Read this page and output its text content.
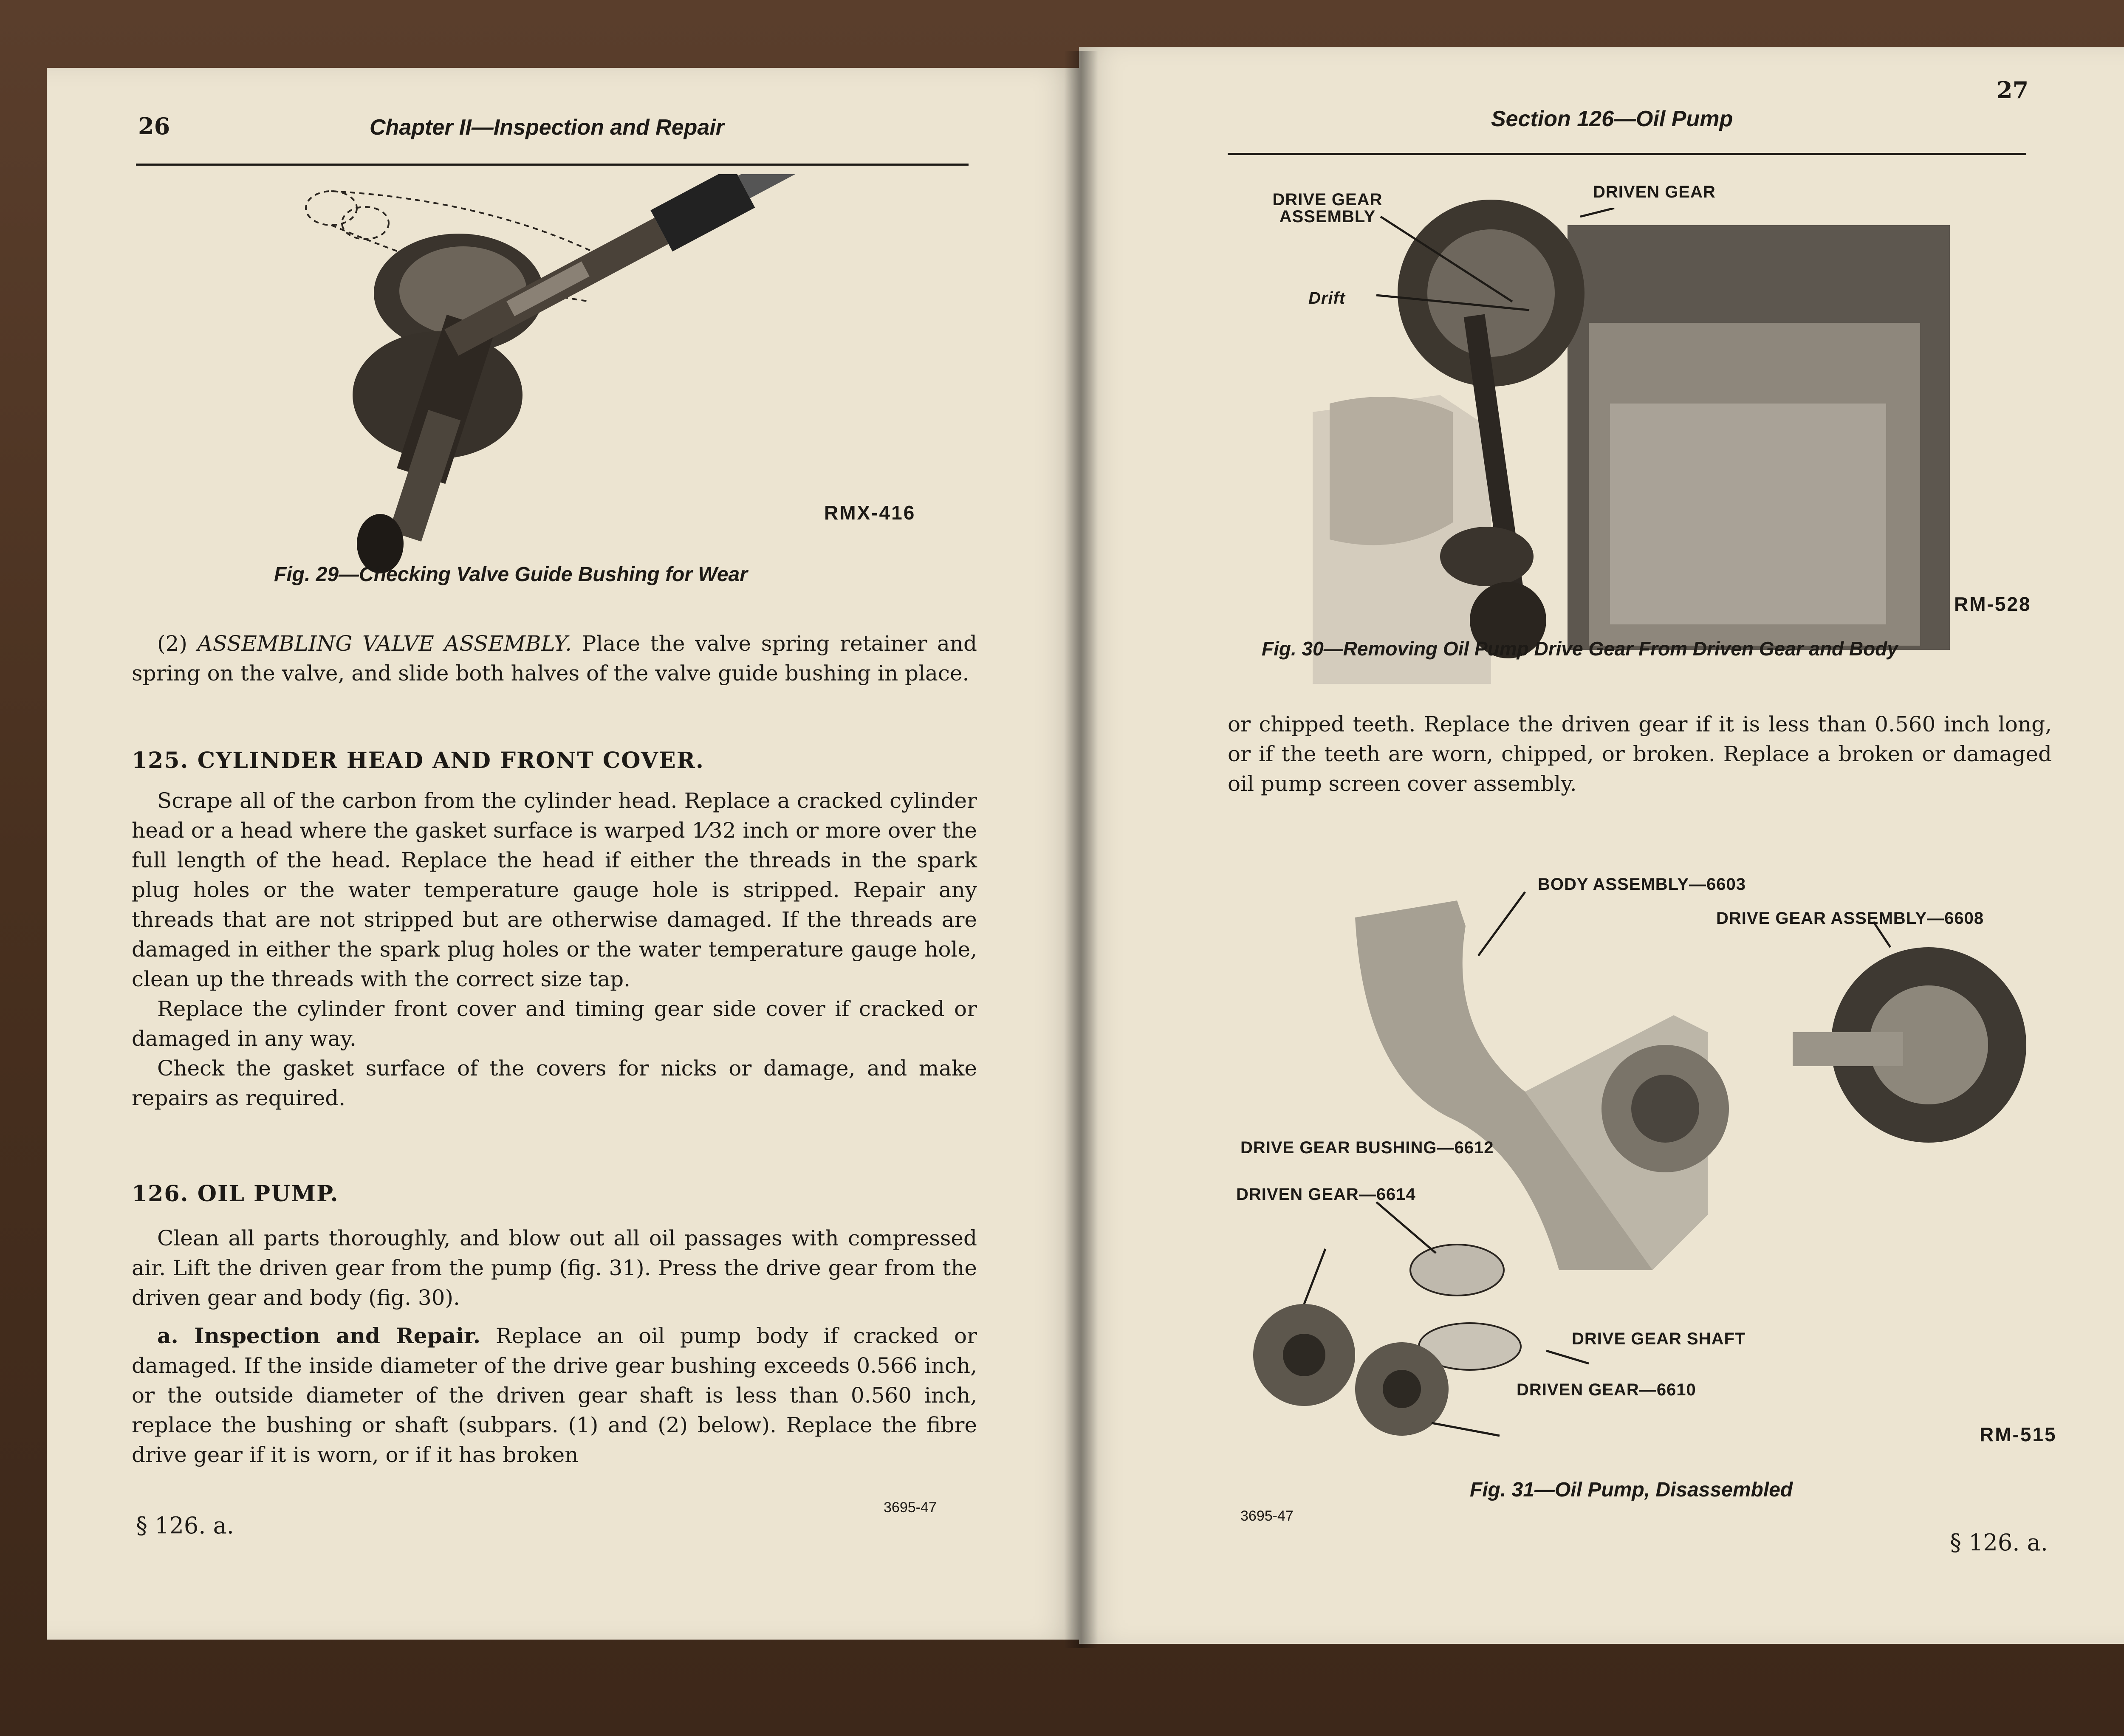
26	Chapter II—Inspection and Repair
RMX-416
Fig. 29—Checking Valve Guide Bushing for Wear

(2) ASSEMBLING VALVE ASSEMBLY. Place the valve spring retainer and spring on the valve, and slide both halves of the valve guide bushing in place.

125. CYLINDER HEAD AND FRONT COVER.

Scrape all of the carbon from the cylinder head. Replace a cracked cylinder head or a head where the gasket surface is warped 1⁄32 inch or more over the full length of the head. Replace the head if either the threads in the spark plug holes or the water temperature gauge hole is stripped. Repair any threads that are not stripped but are otherwise damaged. If the threads are damaged in either the spark plug holes or the water temperature gauge hole, clean up the threads with the correct size tap.

Replace the cylinder front cover and timing gear side cover if cracked or damaged in any way.

Check the gasket surface of the covers for nicks or damage, and make repairs as required.

126. OIL PUMP.

Clean all parts thoroughly, and blow out all oil passages with compressed air. Lift the driven gear from the pump (fig. 31). Press the drive gear from the driven gear and body (fig. 30).

a. Inspection and Repair. Replace an oil pump body if cracked or damaged. If the inside diameter of the drive gear bushing exceeds 0.566 inch, or the outside diameter of the driven gear shaft is less than 0.560 inch, replace the bushing or shaft (subpars. (1) and (2) below). Replace the fibre drive gear if it is worn, or if it has broken

3695-47
§ 126. a.
Section 126—Oil Pump
27
DRIVE GEAR ASSEMBLY
DRIVEN GEAR
Drift
RM-528
Fig. 30—Removing Oil Pump Drive Gear From Driven Gear and Body
or chipped teeth. Replace the driven gear if it is less than 0.560 inch long, or if the teeth are worn, chipped, or broken. Replace a broken or damaged oil pump screen cover assembly.
BODY ASSEMBLY—6603
DRIVE GEAR ASSEMBLY—6608
DRIVE GEAR BUSHING—6612
DRIVEN GEAR—6614
DRIVE GEAR SHAFT
DRIVEN GEAR—6610
RM-515
Fig. 31—Oil Pump, Disassembled
3695-47
§ 126. a.
